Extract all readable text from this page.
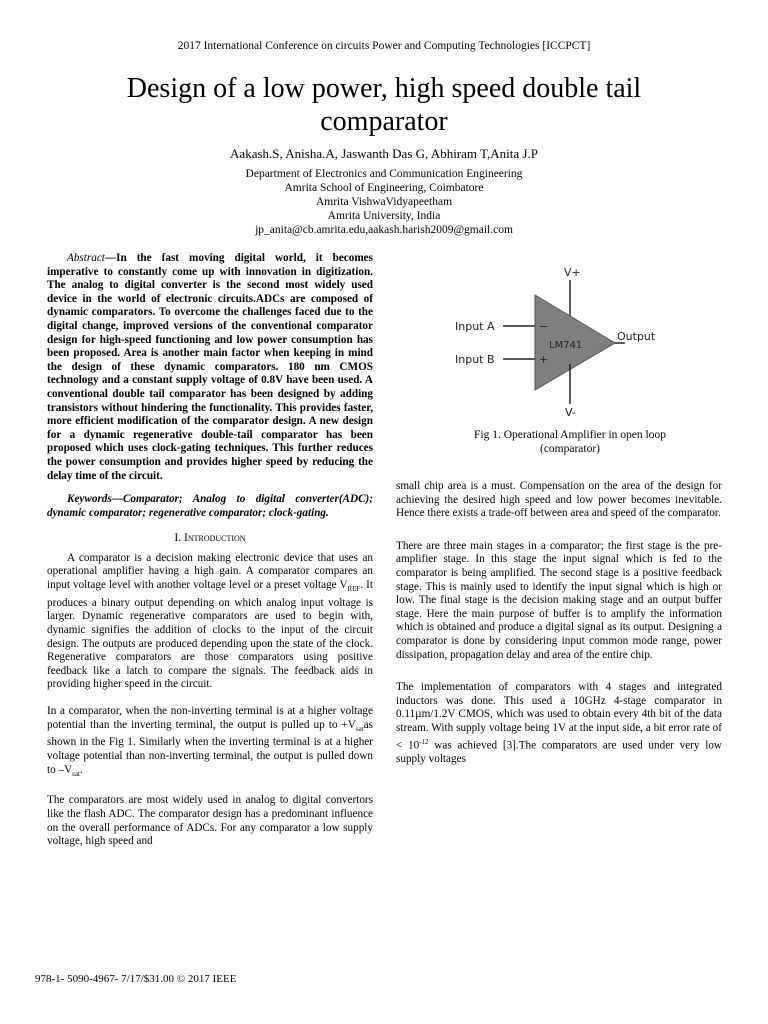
2017 International Conference on circuits Power and Computing Technologies [ICCPCT]
Design of a low power, high speed double tail comparator
Aakash.S, Anisha.A, Jaswanth Das G, Abhiram T,Anita J.P
Department of Electronics and Communication Engineering
Amrita School of Engineering, Coimbatore
Amrita VishwaVidyapeetham
Amrita University, India
jp_anita@cb.amrita.edu,aakash.harish2009@gmail.com

Abstract—In the fast moving digital world, it becomes imperative to constantly come up with innovation in digitization. The analog to digital converter is the second most widely used device in the world of electronic circuits.ADCs are composed of dynamic comparators. To overcome the challenges faced due to the digital change, improved versions of the conventional comparator design for high-speed functioning and low power consumption has been proposed. Area is another main factor when keeping in mind the design of these dynamic comparators. 180 nm CMOS technology and a constant supply voltage of 0.8V have been used. A conventional double tail comparator has been designed by adding transistors without hindering the functionality. This provides faster, more efficient modification of the comparator design. A new design for a dynamic regenerative double-tail comparator has been proposed which uses clock-gating techniques. This further reduces the power consumption and provides higher speed by reducing the delay time of the circuit.

Keywords—Comparator; Analog to digital converter(ADC); dynamic comparator; regenerative comparator; clock-gating.

I. Introduction

A comparator is a decision making electronic device that uses an operational amplifier having a high gain. A comparator compares an input voltage level with another voltage level or a preset voltage $V_{REF}$. It produces a binary output depending on which analog input voltage is larger. Dynamic regenerative comparators are used to begin with, dynamic signifies the addition of clocks to the input of the circuit design. The outputs are produced depending upon the state of the clock. Regenerative comparators are those comparators using positive feedback like a latch to compare the signals. The feedback aids in providing higher speed in the circuit.

In a comparator, when the non-inverting terminal is at a higher voltage potential than the inverting terminal, the output is pulled up to $+V_{sat}as$ shown in the Fig 1. Similarly when the inverting terminal is at a higher voltage potential than non-inverting terminal, the output is pulled down to $-V_{sat}$.

The comparators are most widely used in analog to digital convertors like the flash ADC. The comparator design has a predominant influence on the overall performance of ADCs. For any comparator a low supply voltage, high speed and

V+
V-
Input A
Input B
−
+
LM741
Output
Fig 1. Operational Amplifier in open loop
(comparator)

small chip area is a must. Compensation on the area of the design for achieving the desired high speed and low power becomes inevitable. Hence there exists a trade-off between area and speed of the comparator.

There are three main stages in a comparator; the first stage is the pre-amplifier stage. In this stage the input signal which is fed to the comparator is being amplified. The second stage is a positive feedback stage. This is mainly used to identify the input signal which is high or low. The final stage is the decision making stage and an output buffer stage. Here the main purpose of buffer is to amplify the information which is obtained and produce a digital signal as its output. Designing a comparator is done by considering input common mode range, power dissipation, propagation delay and area of the entire chip.

The implementation of comparators with 4 stages and integrated inductors was done. This used a 10GHz 4-stage comparator in 0.11µm/1.2V CMOS, which was used to obtain every 4th bit of the data stream. With supply voltage being 1V at the input side, a bit error rate of < $10^{-12}$ was achieved [3].The comparators are used under very low supply voltages

978-1- 5090-4967- 7/17/$31.00 © 2017 IEEE
